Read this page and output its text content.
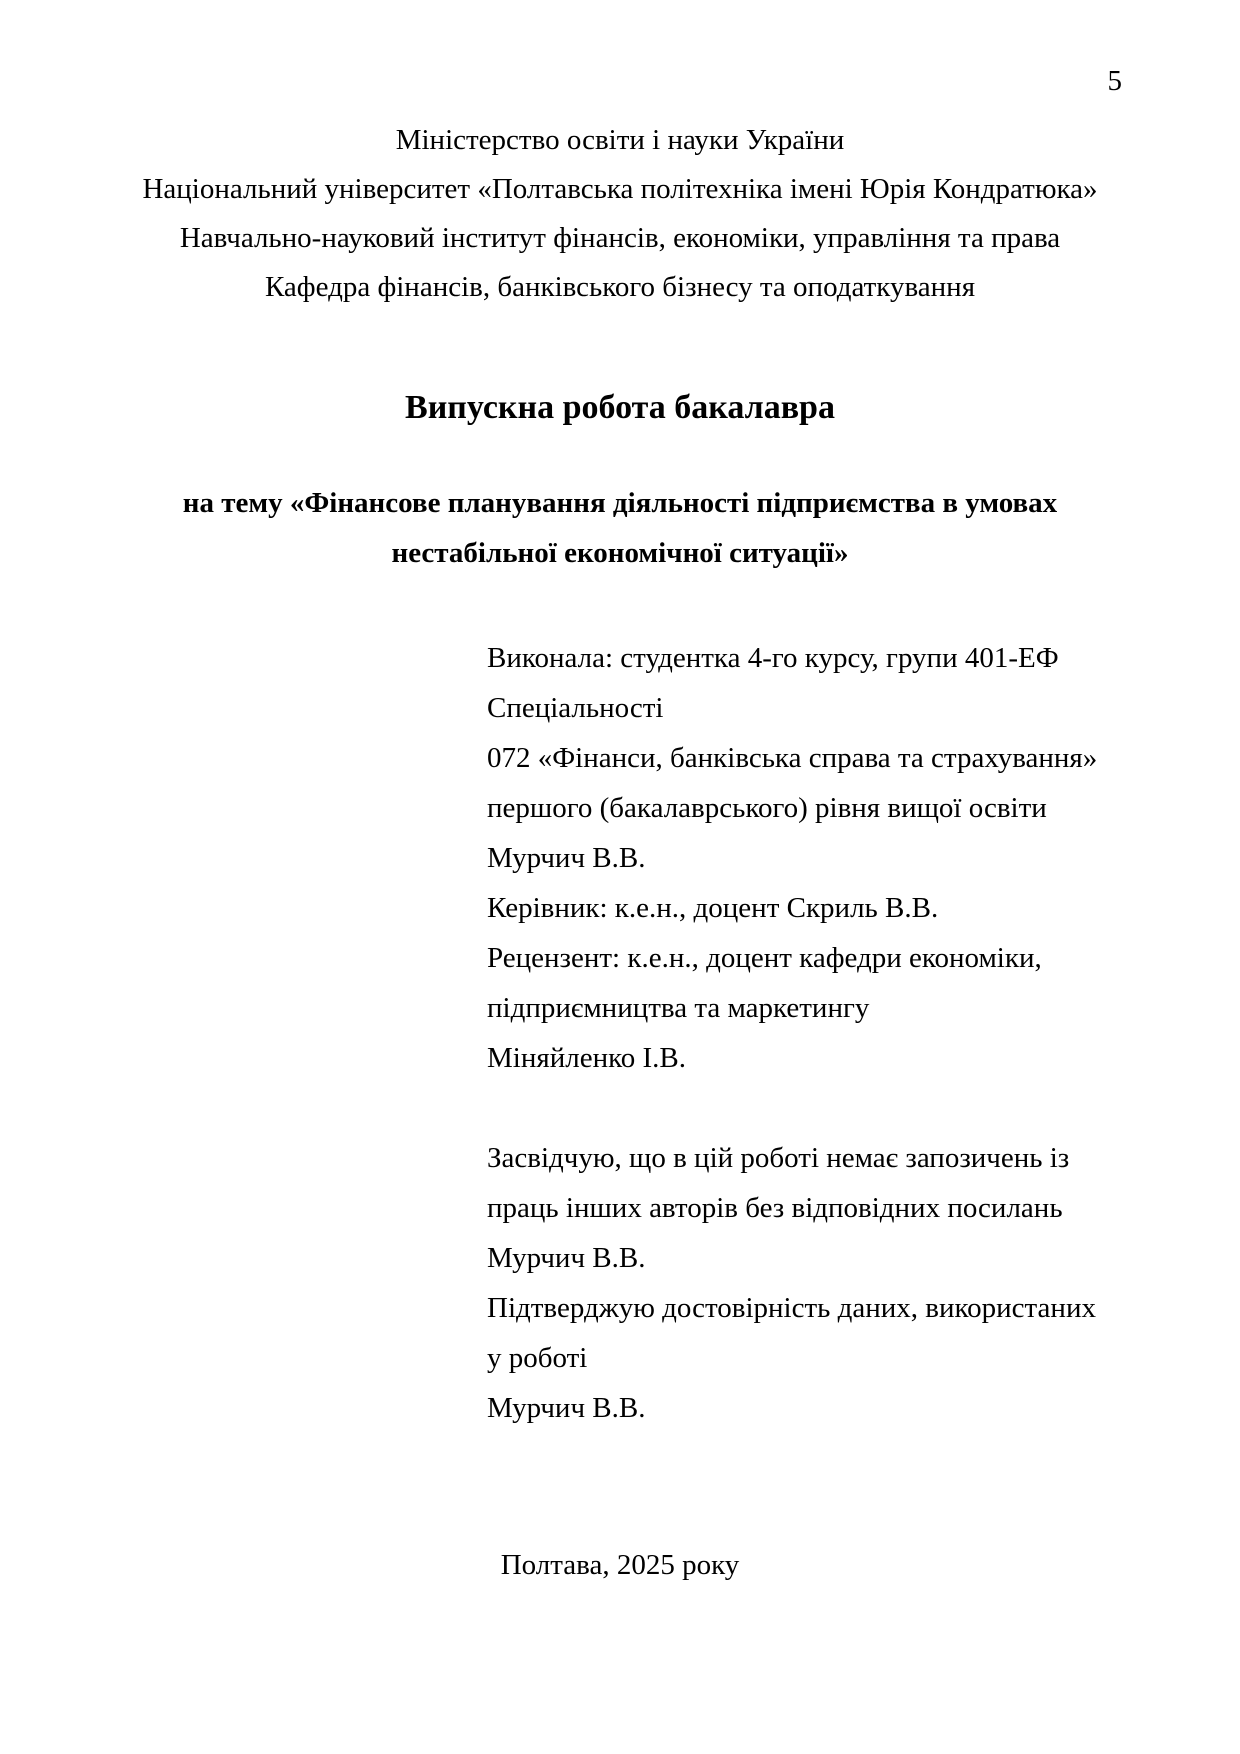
5
Міністерство освіти і науки України
Національний університет «Полтавська політехніка імені Юрія Кондратюка»
Навчально-науковий інститут фінансів, економіки, управління та права
Кафедра фінансів, банківського бізнесу та оподаткування
Випускна робота бакалавра
на тему «Фінансове планування діяльності підприємства в умовах
нестабільної економічної ситуації»
Виконала: студентка 4-го курсу, групи 401-ЕФ
Спеціальності
072 «Фінанси, банківська справа та страхування»
першого (бакалаврського) рівня вищої освіти
Мурчич В.В.
Керівник: к.е.н., доцент Скриль В.В.
Рецензент: к.е.н., доцент кафедри економіки,
підприємництва та маркетингу
Міняйленко І.В.
Засвідчую, що в цій роботі немає запозичень із
праць інших авторів без відповідних посилань
Мурчич В.В.
Підтверджую достовірність даних, використаних
у роботі
Мурчич В.В.
Полтава, 2025 року
